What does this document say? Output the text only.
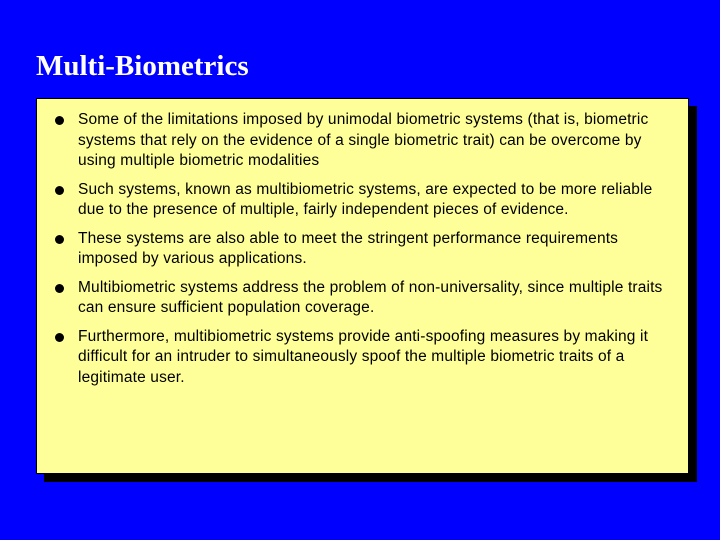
Multi-Biometrics
Some of the limitations imposed by unimodal biometric systems (that is, biometric systems that rely on the evidence of a single biometric trait) can be overcome by using multiple biometric modalities
Such systems, known as multibiometric systems, are expected to be more reliable due to the presence of multiple, fairly independent pieces of evidence.
These systems are also able to meet the stringent performance requirements imposed by various applications.
Multibiometric systems address the problem of non-universality, since multiple traits can ensure sufficient population coverage.
Furthermore, multibiometric systems provide anti-spoofing measures by making it difficult for an intruder to simultaneously spoof the multiple biometric traits of a legitimate user.
